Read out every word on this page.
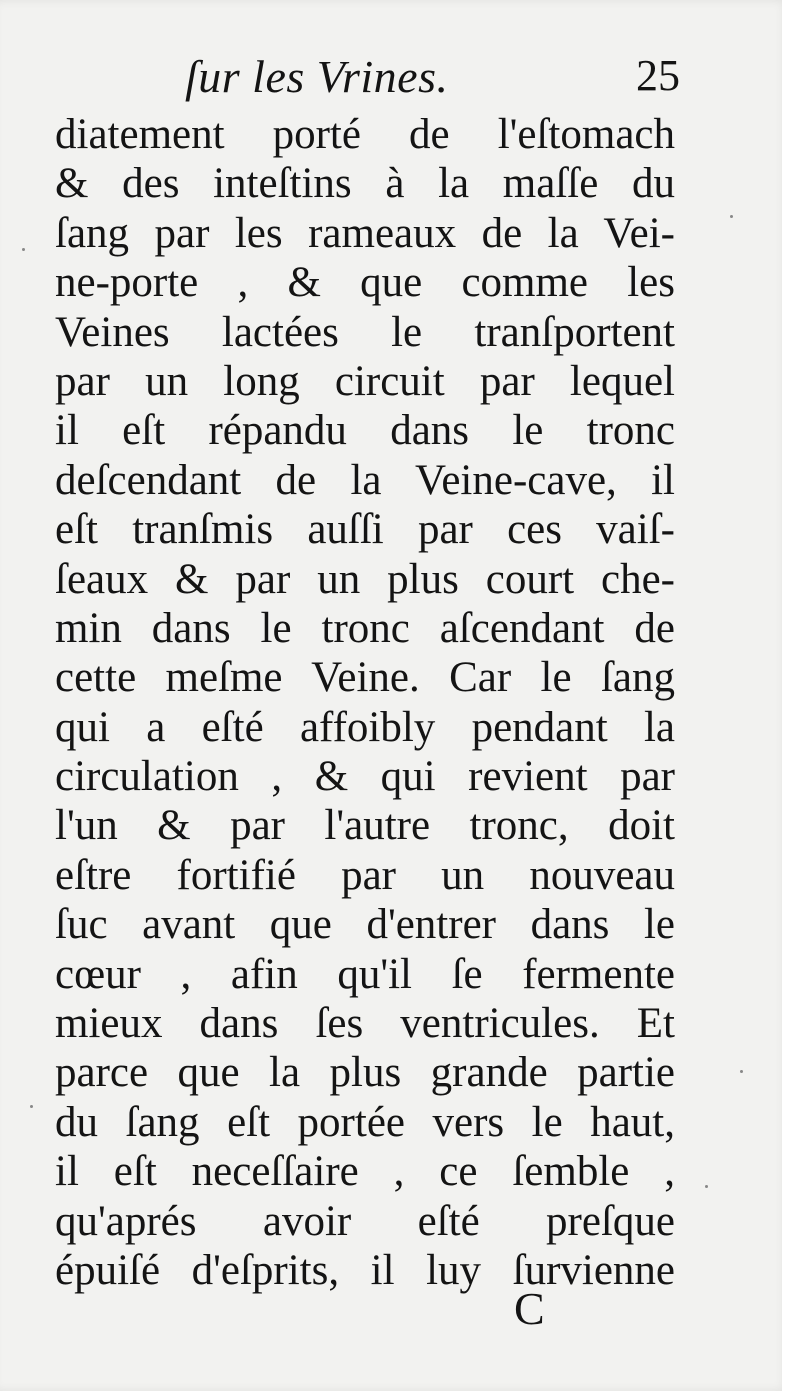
ſur les Vrines.	25
diatement porté de l'eſtomach
& des inteſtins à la maſſe du
ſang par les rameaux de la Vei-
ne-porte , & que comme les
Veines lactées le tranſportent
par un long circuit par lequel
il eſt répandu dans le tronc
deſcendant de la Veine-cave, il
eſt tranſmis auſſi par ces vaiſ-
ſeaux & par un plus court che-
min dans le tronc aſcendant de
cette meſme Veine. Car le ſang
qui a eſté affoibly pendant la
circulation , & qui revient par
l'un & par l'autre tronc, doit
eſtre fortifié par un nouveau
ſuc avant que d'entrer dans le
cœur , afin qu'il ſe fermente
mieux dans ſes ventricules. Et
parce que la plus grande partie
du ſang eſt portée vers le haut,
il eſt neceſſaire , ce ſemble ,
qu'aprés avoir eſté preſque
épuiſé d'eſprits, il luy ſurvienne
C
